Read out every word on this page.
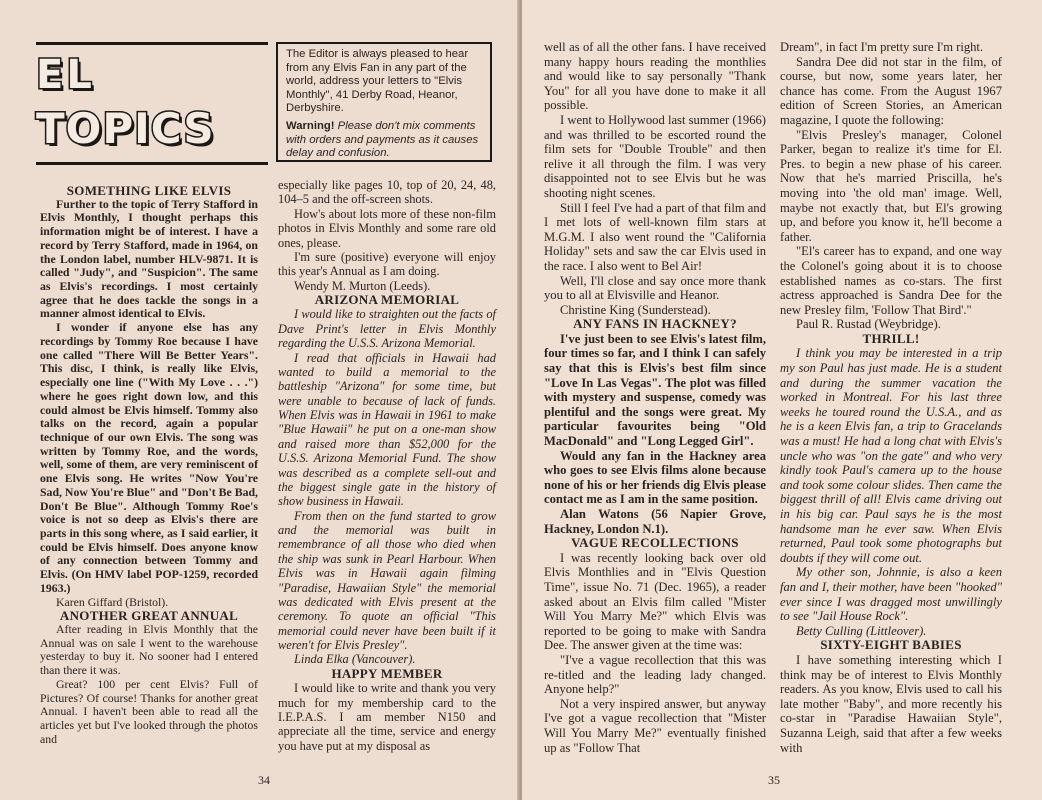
EL
TOPICS

The Editor is always pleased to hear from any Elvis Fan in any part of the world, address your letters to "Elvis Monthly", 41 Derby Road, Heanor, Derbyshire.

Warning! Please don't mix comments with orders and payments as it causes delay and confusion.

SOMETHING LIKE ELVIS

Further to the topic of Terry Stafford in Elvis Monthly, I thought perhaps this information might be of interest. I have a record by Terry Stafford, made in 1964, on the London label, number HLV-9871. It is called "Judy", and "Suspicion". The same as Elvis's recordings. I most certainly agree that he does tackle the songs in a manner almost identical to Elvis.

I wonder if anyone else has any recordings by Tommy Roe because I have one called "There Will Be Better Years". This disc, I think, is really like Elvis, especially one line ("With My Love . . .") where he goes right down low, and this could almost be Elvis himself. Tommy also talks on the record, again a popular technique of our own Elvis. The song was written by Tommy Roe, and the words, well, some of them, are very reminiscent of one Elvis song. He writes "Now You're Sad, Now You're Blue" and "Don't Be Bad, Don't Be Blue". Although Tommy Roe's voice is not so deep as Elvis's there are parts in this song where, as I said earlier, it could be Elvis himself. Does anyone know of any connection between Tommy and Elvis. (On HMV label POP-1259, recorded 1963.)

Karen Giffard (Bristol).

ANOTHER GREAT ANNUAL

After reading in Elvis Monthly that the Annual was on sale I went to the warehouse yesterday to buy it. No sooner had I entered than there it was.

Great? 100 per cent Elvis? Full of Pictures? Of course! Thanks for another great Annual. I haven't been able to read all the articles yet but I've looked through the photos and

especially like pages 10, top of 20, 24, 48, 104–5 and the off-screen shots.

How's about lots more of these non-film photos in Elvis Monthly and some rare old ones, please.

I'm sure (positive) everyone will enjoy this year's Annual as I am doing.

Wendy M. Murton (Leeds).

ARIZONA MEMORIAL

I would like to straighten out the facts of Dave Print's letter in Elvis Monthly regarding the U.S.S. Arizona Memorial.

I read that officials in Hawaii had wanted to build a memorial to the battleship "Arizona" for some time, but were unable to because of lack of funds. When Elvis was in Hawaii in 1961 to make "Blue Hawaii" he put on a one-man show and raised more than $52,000 for the U.S.S. Arizona Memorial Fund. The show was described as a complete sell-out and the biggest single gate in the history of show business in Hawaii.

From then on the fund started to grow and the memorial was built in remembrance of all those who died when the ship was sunk in Pearl Harbour. When Elvis was in Hawaii again filming "Paradise, Hawaiian Style" the memorial was dedicated with Elvis present at the ceremony. To quote an official "This memorial could never have been built if it weren't for Elvis Presley".

Linda Elka (Vancouver).

HAPPY MEMBER

I would like to write and thank you very much for my membership card to the I.E.P.A.S. I am member N150 and appreciate all the time, service and energy you have put at my disposal as

34

well as of all the other fans. I have received many happy hours reading the monthlies and would like to say personally "Thank You" for all you have done to make it all possible.

I went to Hollywood last summer (1966) and was thrilled to be escorted round the film sets for "Double Trouble" and then relive it all through the film. I was very disappointed not to see Elvis but he was shooting night scenes.

Still I feel I've had a part of that film and I met lots of well-known film stars at M.G.M. I also went round the "California Holiday" sets and saw the car Elvis used in the race. I also went to Bel Air!

Well, I'll close and say once more thank you to all at Elvisville and Heanor.

Christine King (Sunderstead).

ANY FANS IN HACKNEY?

I've just been to see Elvis's latest film, four times so far, and I think I can safely say that this is Elvis's best film since "Love In Las Vegas". The plot was filled with mystery and suspense, comedy was plentiful and the songs were great. My particular favourites being "Old MacDonald" and "Long Legged Girl".

Would any fan in the Hackney area who goes to see Elvis films alone because none of his or her friends dig Elvis please contact me as I am in the same position.

Alan Watons (56 Napier Grove, Hackney, London N.1).

VAGUE RECOLLECTIONS

I was recently looking back over old Elvis Monthlies and in "Elvis Question Time", issue No. 71 (Dec. 1965), a reader asked about an Elvis film called "Mister Will You Marry Me?" which Elvis was reported to be going to make with Sandra Dee. The answer given at the time was:

"I've a vague recollection that this was re-titled and the leading lady changed. Anyone help?"

Not a very inspired answer, but anyway I've got a vague recollection that "Mister Will You Marry Me?" eventually finished up as "Follow That

Dream", in fact I'm pretty sure I'm right.

Sandra Dee did not star in the film, of course, but now, some years later, her chance has come. From the August 1967 edition of Screen Stories, an American magazine, I quote the following:

"Elvis Presley's manager, Colonel Parker, began to realize it's time for El. Pres. to begin a new phase of his career. Now that he's married Priscilla, he's moving into 'the old man' image. Well, maybe not exactly that, but El's growing up, and before you know it, he'll become a father.

"El's career has to expand, and one way the Colonel's going about it is to choose established names as co-stars. The first actress approached is Sandra Dee for the new Presley film, 'Follow That Bird'."

Paul R. Rustad (Weybridge).

THRILL!

I think you may be interested in a trip my son Paul has just made. He is a student and during the summer vacation the worked in Montreal. For his last three weeks he toured round the U.S.A., and as he is a keen Elvis fan, a trip to Gracelands was a must! He had a long chat with Elvis's uncle who was "on the gate" and who very kindly took Paul's camera up to the house and took some colour slides. Then came the biggest thrill of all! Elvis came driving out in his big car. Paul says he is the most handsome man he ever saw. When Elvis returned, Paul took some photographs but doubts if they will come out.

My other son, Johnnie, is also a keen fan and I, their mother, have been "hooked" ever since I was dragged most unwillingly to see "Jail House Rock".

Betty Culling (Littleover).

SIXTY-EIGHT BABIES

I have something interesting which I think may be of interest to Elvis Monthly readers. As you know, Elvis used to call his late mother "Baby", and more recently his co-star in "Paradise Hawaiian Style", Suzanna Leigh, said that after a few weeks with

35
